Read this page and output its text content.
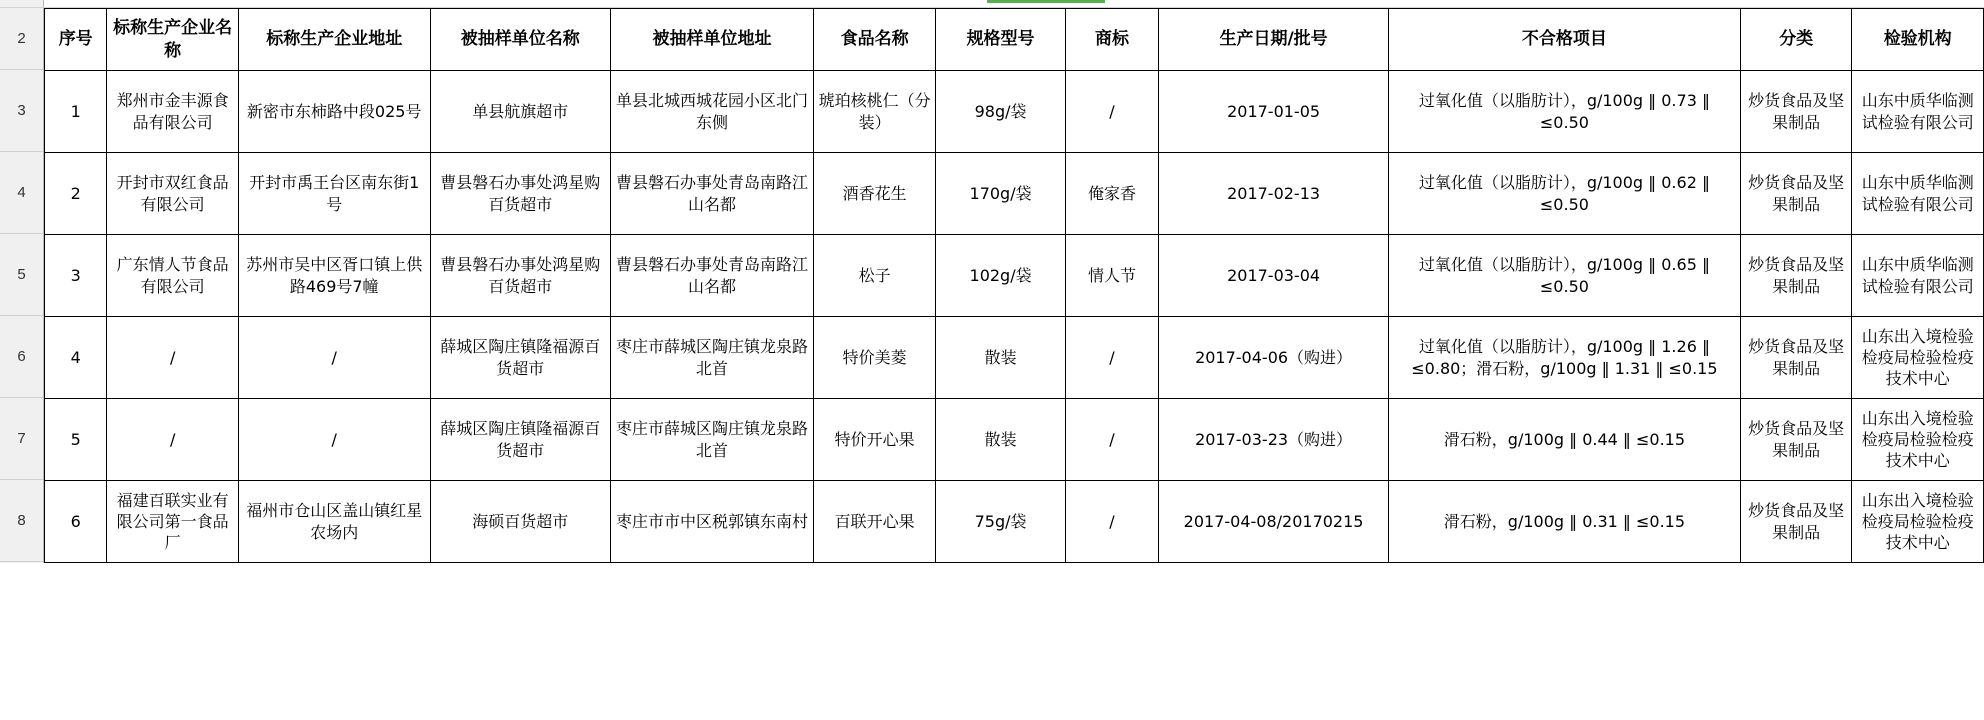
2
3
4
5
6
7
8
序号	标称生产企业名称	标称生产企业地址	被抽样单位名称	被抽样单位地址	食品名称	规格型号	商标	生产日期/批号	不合格项目	分类	检验机构
1	郑州市金丰源食品有限公司	新密市东柿路中段025号	单县航旗超市	单县北城西城花园小区北门东侧	琥珀核桃仁（分装）	98g/袋	/	2017-01-05	过氧化值（以脂肪计），g/100g ‖ 0.73 ‖ ≤0.50	炒货食品及坚果制品	山东中质华临测试检验有限公司
2	开封市双红食品有限公司	开封市禹王台区南东街1号	曹县磐石办事处鸿星购百货超市	曹县磐石办事处青岛南路江山名都	酒香花生	170g/袋	俺家香	2017-02-13	过氧化值（以脂肪计），g/100g ‖ 0.62 ‖ ≤0.50	炒货食品及坚果制品	山东中质华临测试检验有限公司
3	广东情人节食品有限公司	苏州市吴中区胥口镇上供路469号7幢	曹县磐石办事处鸿星购百货超市	曹县磐石办事处青岛南路江山名都	松子	102g/袋	情人节	2017-03-04	过氧化值（以脂肪计），g/100g ‖ 0.65 ‖ ≤0.50	炒货食品及坚果制品	山东中质华临测试检验有限公司
4	/	/	薛城区陶庄镇隆福源百货超市	枣庄市薛城区陶庄镇龙泉路北首	特价美菱	散装	/	2017-04-06（购进）	过氧化值（以脂肪计），g/100g ‖ 1.26 ‖ ≤0.80；滑石粉，g/100g ‖ 1.31 ‖ ≤0.15	炒货食品及坚果制品	山东出入境检验检疫局检验检疫技术中心
5	/	/	薛城区陶庄镇隆福源百货超市	枣庄市薛城区陶庄镇龙泉路北首	特价开心果	散装	/	2017-03-23（购进）	滑石粉，g/100g ‖ 0.44 ‖ ≤0.15	炒货食品及坚果制品	山东出入境检验检疫局检验检疫技术中心
6	福建百联实业有限公司第一食品厂	福州市仓山区盖山镇红星农场内	海硕百货超市	枣庄市市中区税郭镇东南村	百联开心果	75g/袋	/	2017-04-08/20170215	滑石粉，g/100g ‖ 0.31 ‖ ≤0.15	炒货食品及坚果制品	山东出入境检验检疫局检验检疫技术中心
